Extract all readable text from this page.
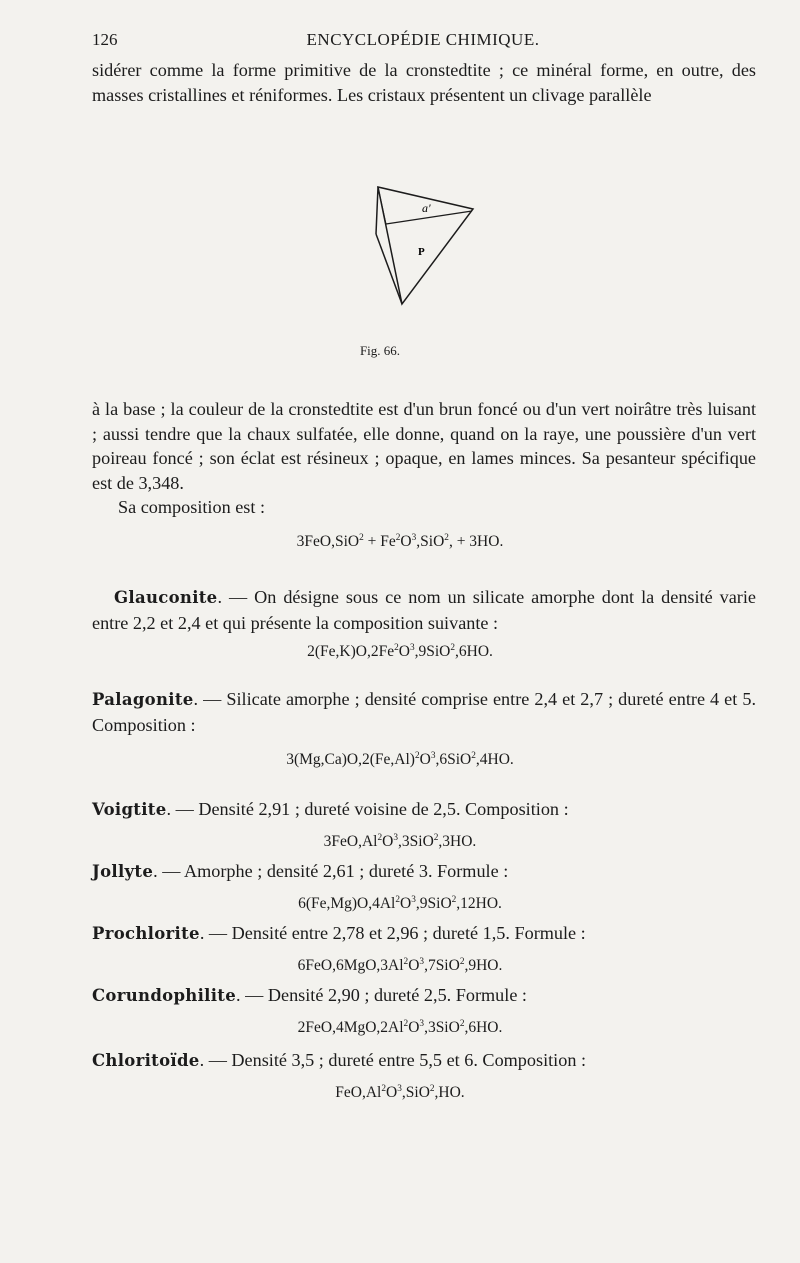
126	ENCYCLOPÉDIE CHIMIQUE.
sidérer comme la forme primitive de la cronstedtite ; ce minéral forme, en outre, des masses cristallines et réniformes. Les cristaux présentent un clivage parallèle
a'
P
Fig. 66.
à la base ; la couleur de la cronstedtite est d'un brun foncé ou d'un vert noirâtre très luisant ; aussi tendre que la chaux sulfatée, elle donne, quand on la raye, une poussière d'un vert poireau foncé ; son éclat est résineux ; opaque, en lames minces. Sa pesanteur spécifique est de 3,348.
Sa composition est :
$3FeO,SiO^2 + Fe^2O^3,SiO^2$, + 3HO.
Glauconite. — On désigne sous ce nom un silicate amorphe dont la densité varie entre 2,2 et 2,4 et qui présente la composition suivante :
$2(Fe,K)O,2Fe^2O^3,9SiO^2,6HO$.
Palagonite. — Silicate amorphe ; densité comprise entre 2,4 et 2,7 ; dureté entre 4 et 5. Composition :
$3(Mg,Ca)O,2(Fe,Al)^2O^3,6SiO^2,4HO$.
Voigtite. — Densité 2,91 ; dureté voisine de 2,5. Composition :
$3FeO,Al^2O^3,3SiO^2,3HO$.
Jollyte. — Amorphe ; densité 2,61 ; dureté 3. Formule :
$6(Fe,Mg)O,4Al^2O^3,9SiO^2,12HO$.
Prochlorite. — Densité entre 2,78 et 2,96 ; dureté 1,5. Formule :
$6FeO,6MgO,3Al^2O^3,7SiO^2,9HO$.
Corundophilite. — Densité 2,90 ; dureté 2,5. Formule :
$2FeO,4MgO,2Al^2O^3,3SiO^2,6HO$.
Chloritoïde. — Densité 3,5 ; dureté entre 5,5 et 6. Composition :
$FeO,Al^2O^3,SiO^2,HO$.
